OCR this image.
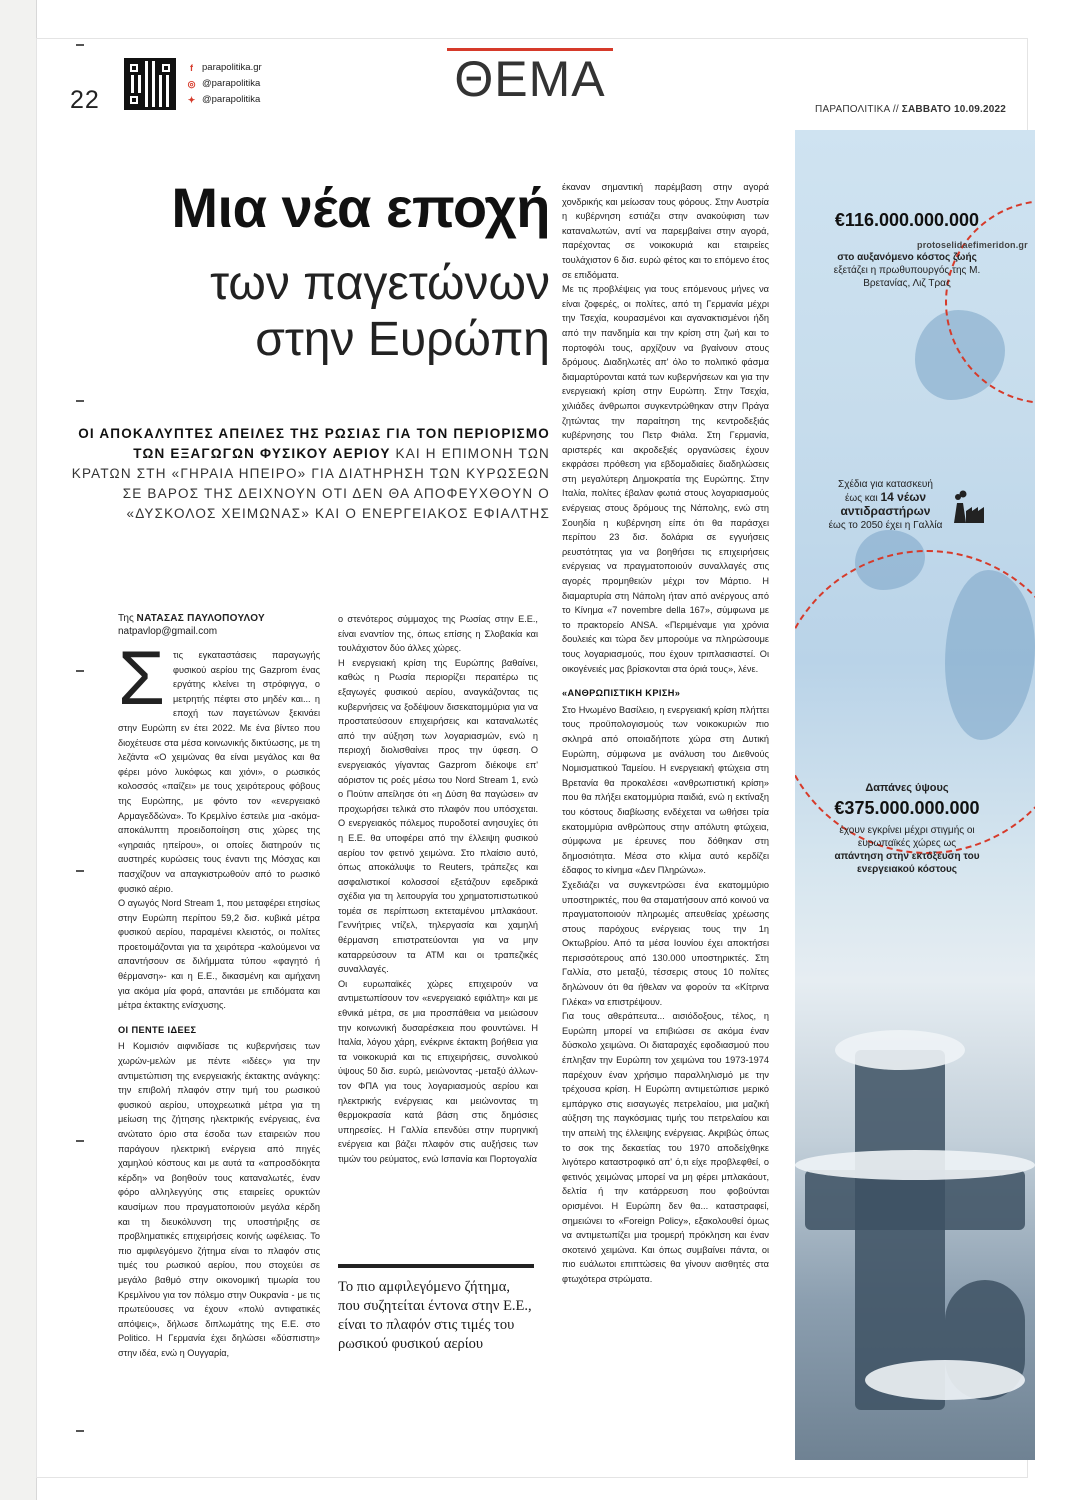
22
f parapolitika.gr
◎ @parapolitika
✦ @parapolitika	ΘΕΜΑ
ΠΑΡΑΠΟΛΙΤΙΚΑ // ΣΑΒΒΑΤΟ 10.09.2022
Μια νέα εποχή
των παγετώνων
στην Ευρώπη
ΟΙ ΑΠΟΚΑΛΥΠΤΕΣ ΑΠΕΙΛΕΣ ΤΗΣ ΡΩΣΙΑΣ ΓΙΑ ΤΟΝ ΠΕΡΙΟΡΙΣΜΟ ΤΩΝ ΕΞΑΓΩΓΩΝ ΦΥΣΙΚΟΥ ΑΕΡΙΟΥ ΚΑΙ Η ΕΠΙΜΟΝΗ ΤΩΝ ΚΡΑΤΩΝ ΣΤΗ «ΓΗΡΑΙΑ ΗΠΕΙΡΟ» ΓΙΑ ΔΙΑΤΗΡΗΣΗ ΤΩΝ ΚΥΡΩΣΕΩΝ ΣΕ ΒΑΡΟΣ ΤΗΣ ΔΕΙΧΝΟΥΝ ΟΤΙ ΔΕΝ ΘΑ ΑΠΟΦΕΥΧΘΟΥΝ Ο «ΔΥΣΚΟΛΟΣ ΧΕΙΜΩΝΑΣ» ΚΑΙ Ο ΕΝΕΡΓΕΙΑΚΟΣ ΕΦΙΑΛΤΗΣ
Της ΝΑΤΑΣΑΣ ΠΑΥΛΟΠΟΥΛΟΥ
natpavlop@gmail.com

Στις εγκαταστάσεις παραγωγής φυσικού αερίου της Gazprom ένας εργάτης κλείνει τη στρόφιγγα, ο μετρητής πέφτει στο μηδέν και... η εποχή των παγετώνων ξεκινάει στην Ευρώπη εν έτει 2022. Με ένα βίντεο που διοχέτευσε στα μέσα κοινωνικής δικτύωσης, με τη λεζάντα «Ο χειμώνας θα είναι μεγάλος και θα φέρει μόνο λυκόφως και χιόνι», ο ρωσικός κολοσσός «παίζει» με τους χειρότερους φόβους της Ευρώπης, με φόντο τον «ενεργειακό Αρμαγεδδώνα». Το Κρεμλίνο έστειλε μια -ακόμα- αποκάλυπτη προειδοποίηση στις χώρες της «γηραιάς ηπείρου», οι οποίες διατηρούν τις αυστηρές κυρώσεις τους έναντι της Μόσχας και πασχίζουν να απαγκιστρωθούν από το ρωσικό φυσικό αέριο.

Ο αγωγός Nord Stream 1, που μεταφέρει ετησίως στην Ευρώπη περίπου 59,2 δισ. κυβικά μέτρα φυσικού αερίου, παραμένει κλειστός, οι πολίτες προετοιμάζονται για τα χειρότερα -καλούμενοι να απαντήσουν σε διλήμματα τύπου «φαγητό ή θέρμανση»- και η Ε.Ε., δικασμένη και αμήχανη για ακόμα μία φορά, απαντάει με επιδόματα και μέτρα έκτακτης ενίσχυσης.

ΟΙ ΠΕΝΤΕ ΙΔΕΕΣ

Η Κομισιόν αιφνιδίασε τις κυβερνήσεις των χωρών-μελών με πέντε «ιδέες» για την αντιμετώπιση της ενεργειακής έκτακτης ανάγκης: την επιβολή πλαφόν στην τιμή του ρωσικού φυσικού αερίου, υποχρεωτικά μέτρα για τη μείωση της ζήτησης ηλεκτρικής ενέργειας, ένα ανώτατο όριο στα έσοδα των εταιρειών που παράγουν ηλεκτρική ενέργεια από πηγές χαμηλού κόστους και με αυτά τα «απροσδόκητα κέρδη» να βοηθούν τους καταναλωτές, έναν φόρο αλληλεγγύης στις εταιρείες ορυκτών καυσίμων που πραγματοποιούν μεγάλα κέρδη και τη διευκόλυνση της υποστήριξης σε προβληματικές επιχειρήσεις κοινής ωφέλειας. Το πιο αμφιλεγόμενο ζήτημα είναι το πλαφόν στις τιμές του ρωσικού αερίου, που στοχεύει σε μεγάλο βαθμό στην οικονομική τιμωρία του Κρεμλίνου για τον πόλεμο στην Ουκρανία - με τις πρωτεύουσες να έχουν «πολύ αντιφατικές απόψεις», δήλωσε διπλωμάτης της Ε.Ε. στο Politico. Η Γερμανία έχει δηλώσει «δύσπιστη» στην ιδέα, ενώ η Ουγγαρία,

ο στενότερος σύμμαχος της Ρωσίας στην Ε.Ε., είναι εναντίον της, όπως επίσης η Σλοβακία και τουλάχιστον δύο άλλες χώρες.

Η ενεργειακή κρίση της Ευρώπης βαθαίνει, καθώς η Ρωσία περιορίζει περαιτέρω τις εξαγωγές φυσικού αερίου, αναγκάζοντας τις κυβερνήσεις να ξοδέψουν δισεκατομμύρια για να προστατεύσουν επιχειρήσεις και καταναλωτές από την αύξηση των λογαριασμών, ενώ η περιοχή διολισθαίνει προς την ύφεση. Ο ενεργειακός γίγαντας Gazprom διέκοψε επ' αόριστον τις ροές μέσω του Nord Stream 1, ενώ ο Πούτιν απείλησε ότι «η Δύση θα παγώσει» αν προχωρήσει τελικά στο πλαφόν που υπόσχεται. Ο ενεργειακός πόλεμος πυροδοτεί ανησυχίες ότι η Ε.Ε. θα υποφέρει από την έλλειψη φυσικού αερίου τον φετινό χειμώνα. Στο πλαίσιο αυτό, όπως αποκάλυψε το Reuters, τράπεζες και ασφαλιστικοί κολοσσοί εξετάζουν εφεδρικά σχέδια για τη λειτουργία του χρηματοπιστωτικού τομέα σε περίπτωση εκτεταμένου μπλακάουτ. Γεννήτριες ντίζελ, τηλεργασία και χαμηλή θέρμανση επιστρατεύονται για να μην καταρρεύσουν τα ΑΤΜ και οι τραπεζικές συναλλαγές.

Οι ευρωπαϊκές χώρες επιχειρούν να αντιμετωπίσουν τον «ενεργειακό εφιάλτη» και με εθνικά μέτρα, σε μια προσπάθεια να μειώσουν την κοινωνική δυσαρέσκεια που φουντώνει. Η Ιταλία, λόγου χάρη, ενέκρινε έκτακτη βοήθεια για τα νοικοκυριά και τις επιχειρήσεις, συνολικού ύψους 50 δισ. ευρώ, μειώνοντας -μεταξύ άλλων- τον ΦΠΑ για τους λογαριασμούς αερίου και ηλεκτρικής ενέργειας και μειώνοντας τη θερμοκρασία κατά βάση στις δημόσιες υπηρεσίες. Η Γαλλία επενδύει στην πυρηνική ενέργεια και βάζει πλαφόν στις αυξήσεις των τιμών του ρεύματος, ενώ Ισπανία και Πορτογαλία

Το πιο αμφιλεγόμενο ζήτημα, που συζητείται έντονα στην Ε.Ε., είναι το πλαφόν στις τιμές του ρωσικού φυσικού αερίου

έκαναν σημαντική παρέμβαση στην αγορά χονδρικής και μείωσαν τους φόρους. Στην Αυστρία η κυβέρνηση εστιάζει στην ανακούφιση των καταναλωτών, αντί να παρεμβαίνει στην αγορά, παρέχοντας σε νοικοκυριά και εταιρείες τουλάχιστον 6 δισ. ευρώ φέτος και το επόμενο έτος σε επιδόματα.

Με τις προβλέψεις για τους επόμενους μήνες να είναι ζοφερές, οι πολίτες, από τη Γερμανία μέχρι την Τσεχία, κουρασμένοι και αγανακτισμένοι ήδη από την πανδημία και την κρίση στη ζωή και το πορτοφόλι τους, αρχίζουν να βγαίνουν στους δρόμους. Διαδηλωτές απ' όλο το πολιτικό φάσμα διαμαρτύρονται κατά των κυβερνήσεων και για την ενεργειακή κρίση στην Ευρώπη. Στην Τσεχία, χιλιάδες άνθρωποι συγκεντρώθηκαν στην Πράγα ζητώντας την παραίτηση της κεντροδεξιάς κυβέρνησης του Πετρ Φιάλα. Στη Γερμανία, αριστερές και ακροδεξιές οργανώσεις έχουν εκφράσει πρόθεση για εβδομαδιαίες διαδηλώσεις στη μεγαλύτερη Δημοκρατία της Ευρώπης. Στην Ιταλία, πολίτες έβαλαν φωτιά στους λογαριασμούς ενέργειας στους δρόμους της Νάπολης, ενώ στη Σουηδία η κυβέρνηση είπε ότι θα παράσχει περίπου 23 δισ. δολάρια σε εγγυήσεις ρευστότητας για να βοηθήσει τις επιχειρήσεις ενέργειας να πραγματοποιούν συναλλαγές στις αγορές προμηθειών μέχρι τον Μάρτιο. Η διαμαρτυρία στη Νάπολη ήταν από ανέργους από το Κίνημα «7 novembre della 167», σύμφωνα με το πρακτορείο ANSA. «Περιμέναμε για χρόνια δουλειές και τώρα δεν μπορούμε να πληρώσουμε τους λογαριασμούς, που έχουν τριπλασιαστεί. Οι οικογένειές μας βρίσκονται στα όριά τους», λένε.

«ΑΝΘΡΩΠΙΣΤΙΚΗ ΚΡΙΣΗ»

Στο Ηνωμένο Βασίλειο, η ενεργειακή κρίση πλήττει τους προϋπολογισμούς των νοικοκυριών πιο σκληρά από οποιαδήποτε χώρα στη Δυτική Ευρώπη, σύμφωνα με ανάλυση του Διεθνούς Νομισματικού Ταμείου. Η ενεργειακή φτώχεια στη Βρετανία θα προκαλέσει «ανθρωπιστική κρίση» που θα πλήξει εκατομμύρια παιδιά, ενώ η εκτίναξη του κόστους διαβίωσης ενδέχεται να ωθήσει τρία εκατομμύρια ανθρώπους στην απόλυτη φτώχεια, σύμφωνα με έρευνες που δόθηκαν στη δημοσιότητα. Μέσα στο κλίμα αυτό κερδίζει έδαφος το κίνημα «Δεν Πληρώνω».

Σχεδιάζει να συγκεντρώσει ένα εκατομμύριο υποστηρικτές, που θα σταματήσουν από κοινού να πραγματοποιούν πληρωμές απευθείας χρέωσης στους παρόχους ενέργειας τους την 1η Οκτωβρίου. Από τα μέσα Ιουνίου έχει αποκτήσει περισσότερους από 130.000 υποστηρικτές. Στη Γαλλία, στο μεταξύ, τέσσερις στους 10 πολίτες δηλώνουν ότι θα ήθελαν να φορούν τα «Κίτρινα Γιλέκα» να επιστρέψουν.

Για τους αθεράπευτα... αισιόδοξους, τέλος, η Ευρώπη μπορεί να επιβιώσει σε ακόμα έναν δύσκολο χειμώνα. Οι διαταραχές εφοδιασμού που έπληξαν την Ευρώπη τον χειμώνα του 1973-1974 παρέχουν έναν χρήσιμο παραλληλισμό με την τρέχουσα κρίση. Η Ευρώπη αντιμετώπισε μερικό εμπάργκο στις εισαγωγές πετρελαίου, μια μαζική αύξηση της παγκόσμιας τιμής του πετρελαίου και την απειλή της έλλειψης ενέργειας. Ακριβώς όπως το σοκ της δεκαετίας του 1970 αποδείχθηκε λιγότερο καταστροφικό απ' ό,τι είχε προβλεφθεί, ο φετινός χειμώνας μπορεί να μη φέρει μπλακάουτ, δελτία ή την κατάρρευση που φοβούνται ορισμένοι. Η Ευρώπη δεν θα... καταστραφεί, σημειώνει το «Foreign Policy», εξακολουθεί όμως να αντιμετωπίζει μια τρομερή πρόκληση και έναν σκοτεινό χειμώνα. Και όπως συμβαίνει πάντα, οι πιο ευάλωτοι επιπτώσεις θα γίνουν αισθητές στα φτωχότερα στρώματα.

protoselidaefimeridon.gr
€116.000.000.000
στο αυξανόμενο κόστος ζωής
εξετάζει η πρωθυπουργός της Μ. Βρετανίας, Λιζ Τρας
Σχέδια για κατασκευή
έως και 14 νέων αντιδραστήρων
έως το 2050 έχει η Γαλλία
Δαπάνες ύψους
€375.000.000.000
έχουν εγκρίνει μέχρι στιγμής οι ευρωπαϊκές χώρες ως
απάντηση στην εκτόξευση του ενεργειακού κόστους
